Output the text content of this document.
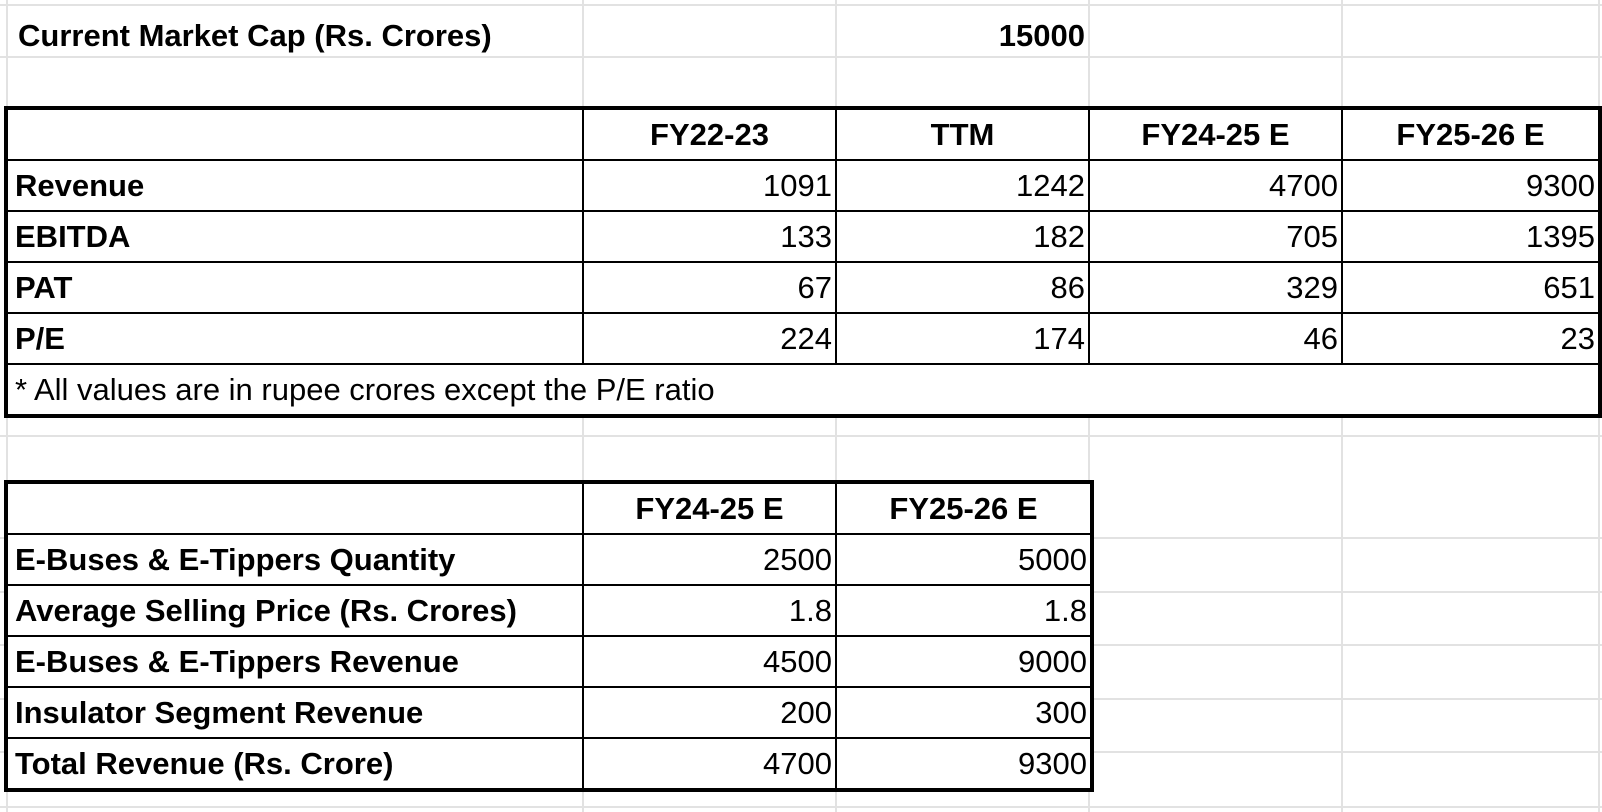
Current Market Cap (Rs. Crores)	15000
	FY22-23	TTM	FY24-25 E	FY25-26 E
Revenue	1091	1242	4700	9300
EBITDA	133	182	705	1395
PAT	67	86	329	651
P/E	224	174	46	23
* All values are in rupee crores except the P/E ratio				
	FY24-25 E	FY25-26 E
E-Buses & E-Tippers Quantity	2500	5000
Average Selling Price (Rs. Crores)	1.8	1.8
E-Buses & E-Tippers Revenue	4500	9000
Insulator Segment Revenue	200	300
Total Revenue (Rs. Crore)	4700	9300
